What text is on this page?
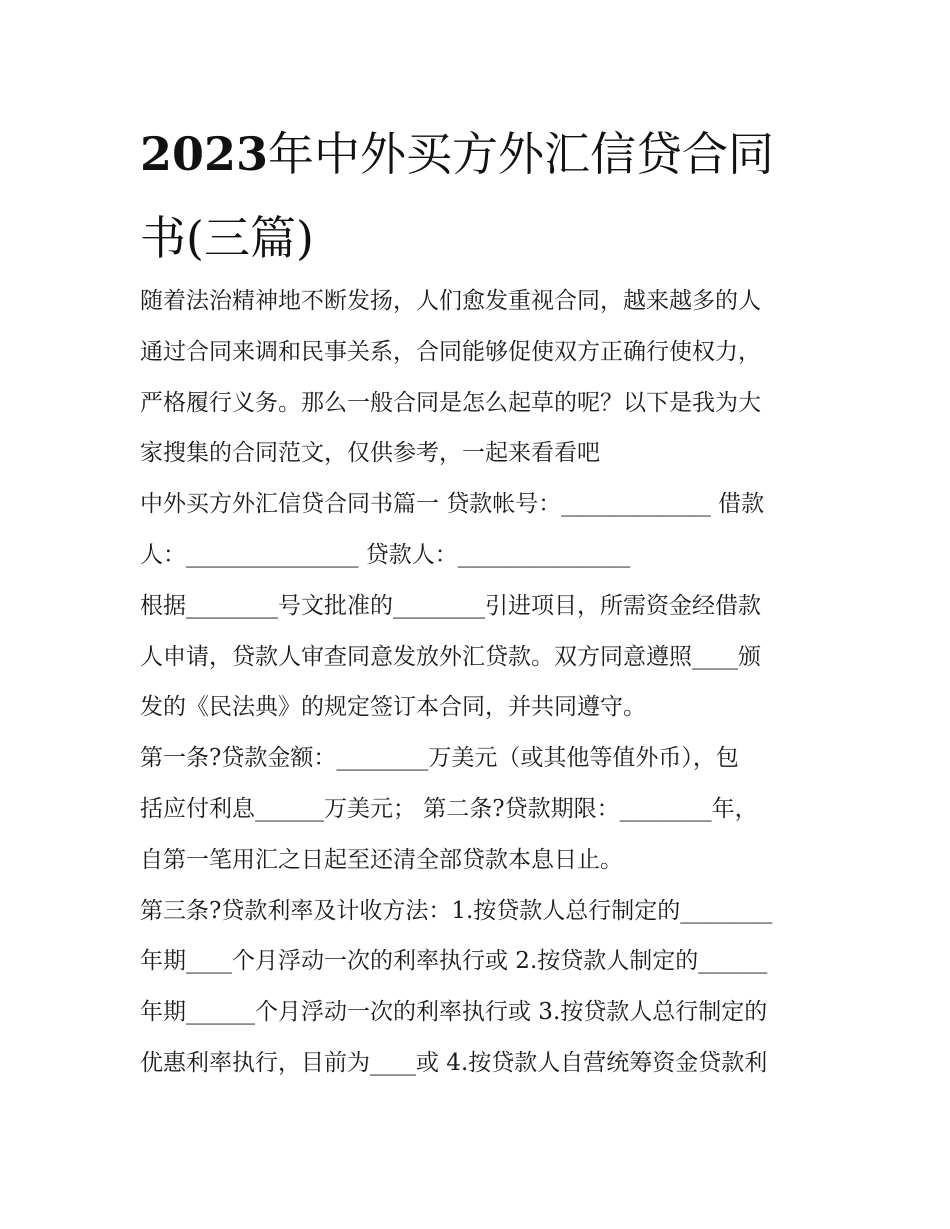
2023年中外买方外汇信贷合同
书(三篇)
随着法治精神地不断发扬，人们愈发重视合同，越来越多的人
通过合同来调和民事关系，合同能够促使双方正确行使权力，
严格履行义务。那么一般合同是怎么起草的呢？以下是我为大
家搜集的合同范文，仅供参考，一起来看看吧
中外买方外汇信贷合同书篇一 贷款帐号：_____________ 借款
人：_______________ 贷款人：_______________
根据________号文批准的________引进项目，所需资金经借款
人申请，贷款人审查同意发放外汇贷款。双方同意遵照____颁
发的《民法典》的规定签订本合同，并共同遵守。
第一条?贷款金额：________万美元（或其他等值外币），包
括应付利息______万美元； 第二条?贷款期限：________年，
自第一笔用汇之日起至还清全部贷款本息日止。
第三条?贷款利率及计收方法：1.按贷款人总行制定的________
年期____个月浮动一次的利率执行或 2.按贷款人制定的______
年期______个月浮动一次的利率执行或 3.按贷款人总行制定的
优惠利率执行，目前为____或 4.按贷款人自营统筹资金贷款利
